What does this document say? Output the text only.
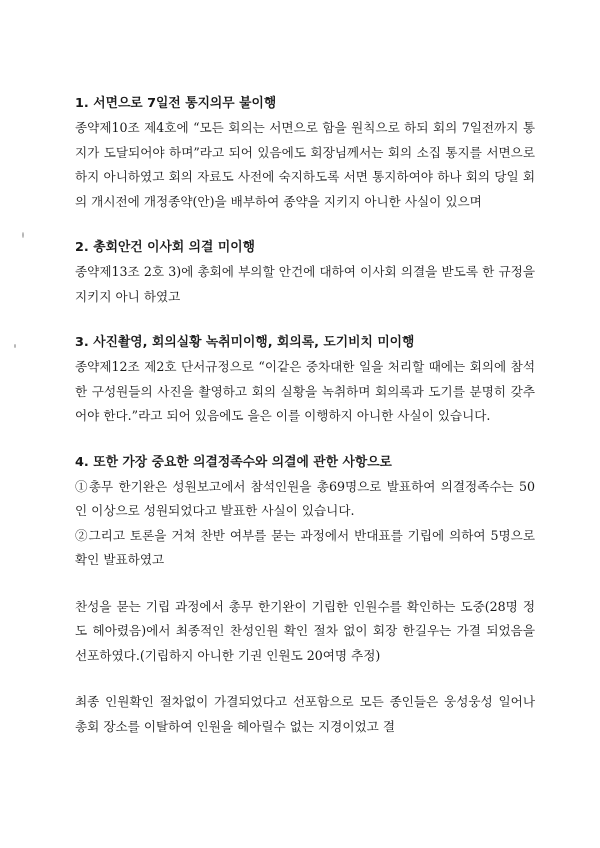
1. 서면으로 7일전 통지의무 불이행

종약제10조 제4호에 “모든 회의는 서면으로 함을 원칙으로 하되 회의 7일전까지 통지가 도달되어야 하며”라고 되어 있음에도 회장님께서는 회의 소집 통지를 서면으로 하지 아니하였고 회의 자료도 사전에 숙지하도록 서면 통지하여야 하나 회의 당일 회의 개시전에 개정종약(안)을 배부하여 종약을 지키지 아니한 사실이 있으며

2. 총회안건 이사회 의결 미이행

종약제13조 2호 3)에 총회에 부의할 안건에 대하여 이사회 의결을 받도록 한 규정을 지키지 아니 하였고

3. 사진촬영, 회의실황 녹취미이행, 회의록, 도기비치 미이행

종약제12조 제2호 단서규정으로 “이같은 중차대한 일을 처리할 때에는 회의에 참석한 구성원들의 사진을 촬영하고 회의 실황을 녹취하며 회의록과 도기를 분명히 갖추어야 한다.”라고 되어 있음에도 을은 이를 이행하지 아니한 사실이 있습니다.

4. 또한 가장 중요한 의결정족수와 의결에 관한 사항으로

①총무 한기완은 성원보고에서 참석인원을 총69명으로 발표하여 의결정족수는 50인 이상으로 성원되었다고 발표한 사실이 있습니다.

②그리고 토론을 거쳐 찬반 여부를 묻는 과정에서 반대표를 기립에 의하여 5명으로 확인 발표하였고

찬성을 묻는 기립 과정에서 총무 한기완이 기립한 인원수를 확인하는 도중(28명 정도 헤아렸음)에서 최종적인 찬성인원 확인 절차 없이 회장 한길우는 가결 되었음을 선포하였다.(기립하지 아니한 기권 인원도 20여명 추정)

최종 인원확인 절차없이 가결되었다고 선포함으로 모든 종인들은 웅성웅성 일어나 총회 장소를 이탈하여 인원을 헤아릴수 없는 지경이었고 결
